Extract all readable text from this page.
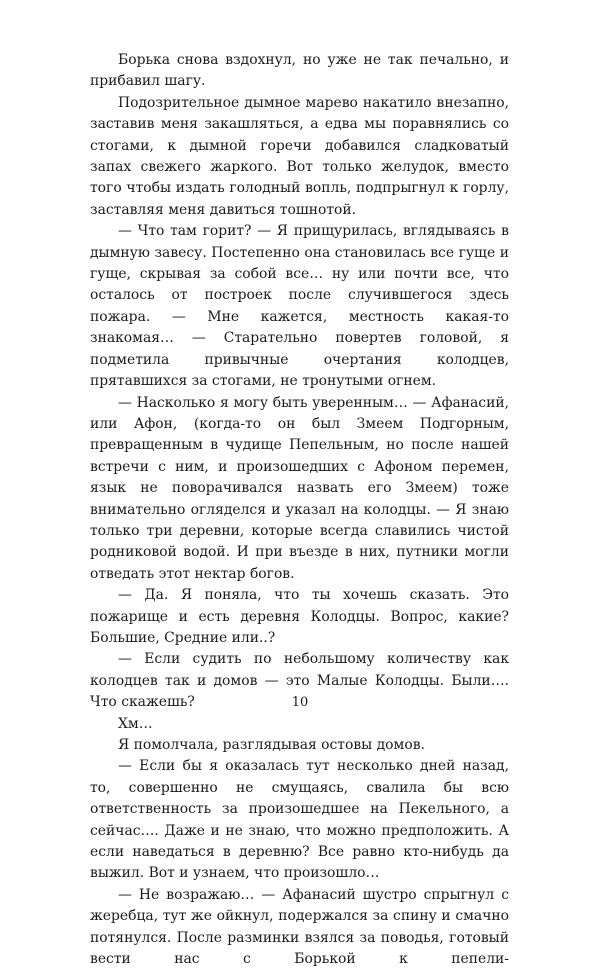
Борька снова вздохнул, но уже не так печально, и прибавил шагу.

Подозрительное дымное марево накатило внезапно, заставив меня закашляться, а едва мы поравнялись со стогами, к дымной горечи добавился сладковатый запах свежего жаркого. Вот только желудок, вместо того чтобы издать голодный вопль, подпрыгнул к горлу, заставляя меня давиться тошнотой.

— Что там горит? — Я прищурилась, вглядываясь в дымную завесу. Постепенно она становилась все гуще и гуще, скрывая за собой все… ну или почти все, что осталось от построек после случившегося здесь пожара. — Мне кажется, местность какая-то знакомая… — Старательно повертев головой, я подметила привычные очертания колодцев, прятавшихся за стогами, не тронутыми огнем.

— Насколько я могу быть уверенным… — Афанасий, или Афон, (когда-то он был Змеем Подгорным, превращенным в чудище Пепельным, но после нашей встречи с ним, и произошедших с Афоном перемен, язык не поворачивался назвать его Змеем) тоже внимательно огляделся и указал на колодцы. — Я знаю только три деревни, которые всегда славились чистой родниковой водой. И при въезде в них, путники могли отведать этот нектар богов.

— Да. Я поняла, что ты хочешь сказать. Это пожарище и есть деревня Колодцы. Вопрос, какие? Большие, Средние или..?

— Если судить по небольшому количеству как колодцев так и домов — это Малые Колодцы. Были…. Что скажешь?

Хм…

Я помолчала, разглядывая остовы домов.

— Если бы я оказалась тут несколько дней назад, то, совершенно не смущаясь, свалила бы всю ответственность за произошедшее на Пекельного, а сейчас…. Даже и не знаю, что можно предположить. А если наведаться в деревню? Все равно кто-нибудь да выжил. Вот и узнаем, что произошло…

— Не возражаю… — Афанасий шустро спрыгнул с жеребца, тут же ойкнул, подержался за спину и смачно потянулся. После разминки взялся за поводья, готовый вести нас с Борькой к пепели-

10
